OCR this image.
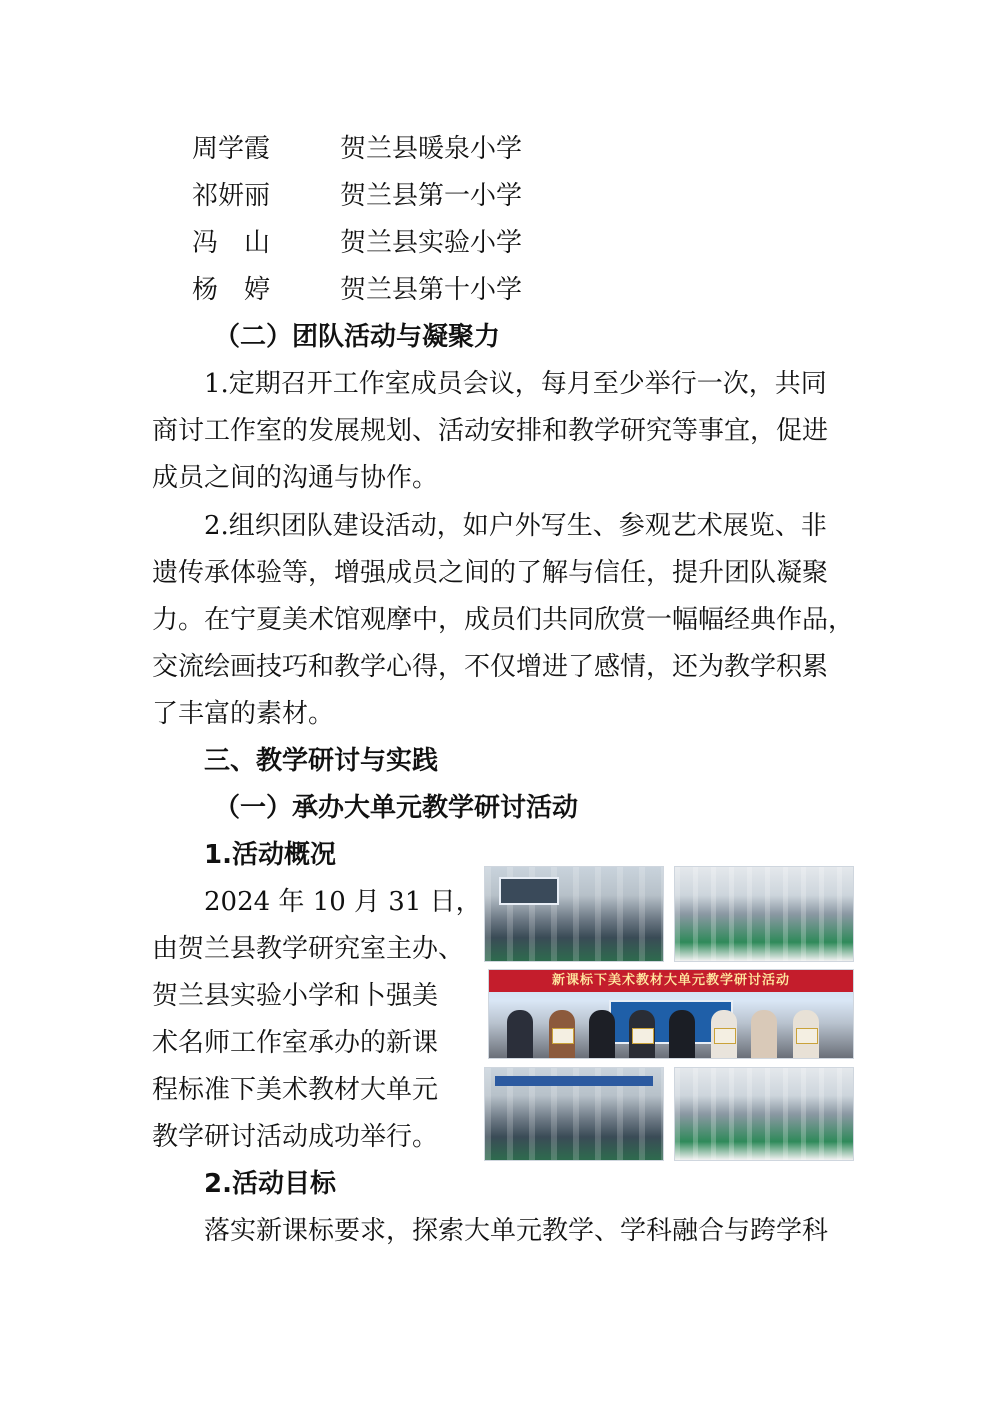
周学霞	贺兰县暖泉小学
祁妍丽	贺兰县第一小学
冯　山	贺兰县实验小学
杨　婷	贺兰县第十小学
（二）团队活动与凝聚力
1.定期召开工作室成员会议，每月至少举行一次，共同
商讨工作室的发展规划、活动安排和教学研究等事宜，促进
成员之间的沟通与协作。
2.组织团队建设活动，如户外写生、参观艺术展览、非
遗传承体验等，增强成员之间的了解与信任，提升团队凝聚
力。在宁夏美术馆观摩中，成员们共同欣赏一幅幅经典作品，
交流绘画技巧和教学心得，不仅增进了感情，还为教学积累
了丰富的素材。
三、教学研讨与实践
（一）承办大单元教学研讨活动
1.活动概况
2024 年 10 月 31 日，
由贺兰县教学研究室主办、
贺兰县实验小学和卜强美
术名师工作室承办的新课
程标准下美术教材大单元
教学研讨活动成功举行。
2.活动目标
落实新课标要求，探索大单元教学、学科融合与跨学科
新课标下美术教材大单元教学研讨活动
